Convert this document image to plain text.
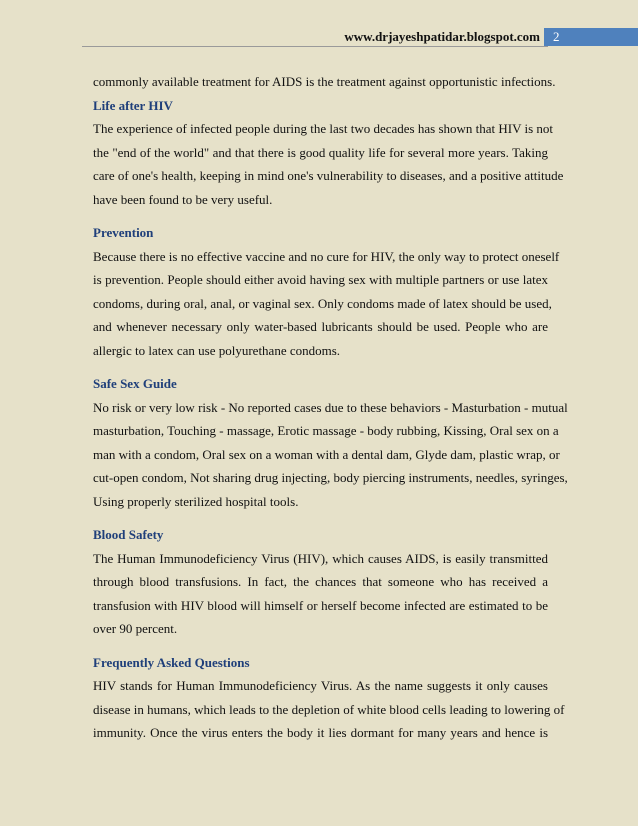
www.drjayeshpatidar.blogspot.com	2

commonly available treatment for AIDS is the treatment against opportunistic infections.

Life after HIV

The experience of infected people during the last two decades has shown that HIV is not
the "end of the world" and that there is good quality life for several more years. Taking
care of one's health, keeping in mind one's vulnerability to diseases, and a positive attitude
have been found to be very useful.

Prevention

Because there is no effective vaccine and no cure for HIV, the only way to protect oneself
is prevention. People should either avoid having sex with multiple partners or use latex
condoms, during oral, anal, or vaginal sex. Only condoms made of latex should be used,
and whenever necessary only water-based lubricants should be used. People who are
allergic to latex can use polyurethane condoms.

Safe Sex Guide

No risk or very low risk - No reported cases due to these behaviors - Masturbation - mutual
masturbation, Touching - massage, Erotic massage - body rubbing, Kissing, Oral sex on a
man with a condom, Oral sex on a woman with a dental dam, Glyde dam, plastic wrap, or
cut-open condom, Not sharing drug injecting, body piercing instruments, needles, syringes,
Using properly sterilized hospital tools.

Blood Safety

The Human Immunodeficiency Virus (HIV), which causes AIDS, is easily transmitted
through blood transfusions. In fact, the chances that someone who has received a
transfusion with HIV blood will himself or herself become infected are estimated to be
over 90 percent.

Frequently Asked Questions

HIV stands for Human Immunodeficiency Virus. As the name suggests it only causes
disease in humans, which leads to the depletion of white blood cells leading to lowering of
immunity. Once the virus enters the body it lies dormant for many years and hence is
